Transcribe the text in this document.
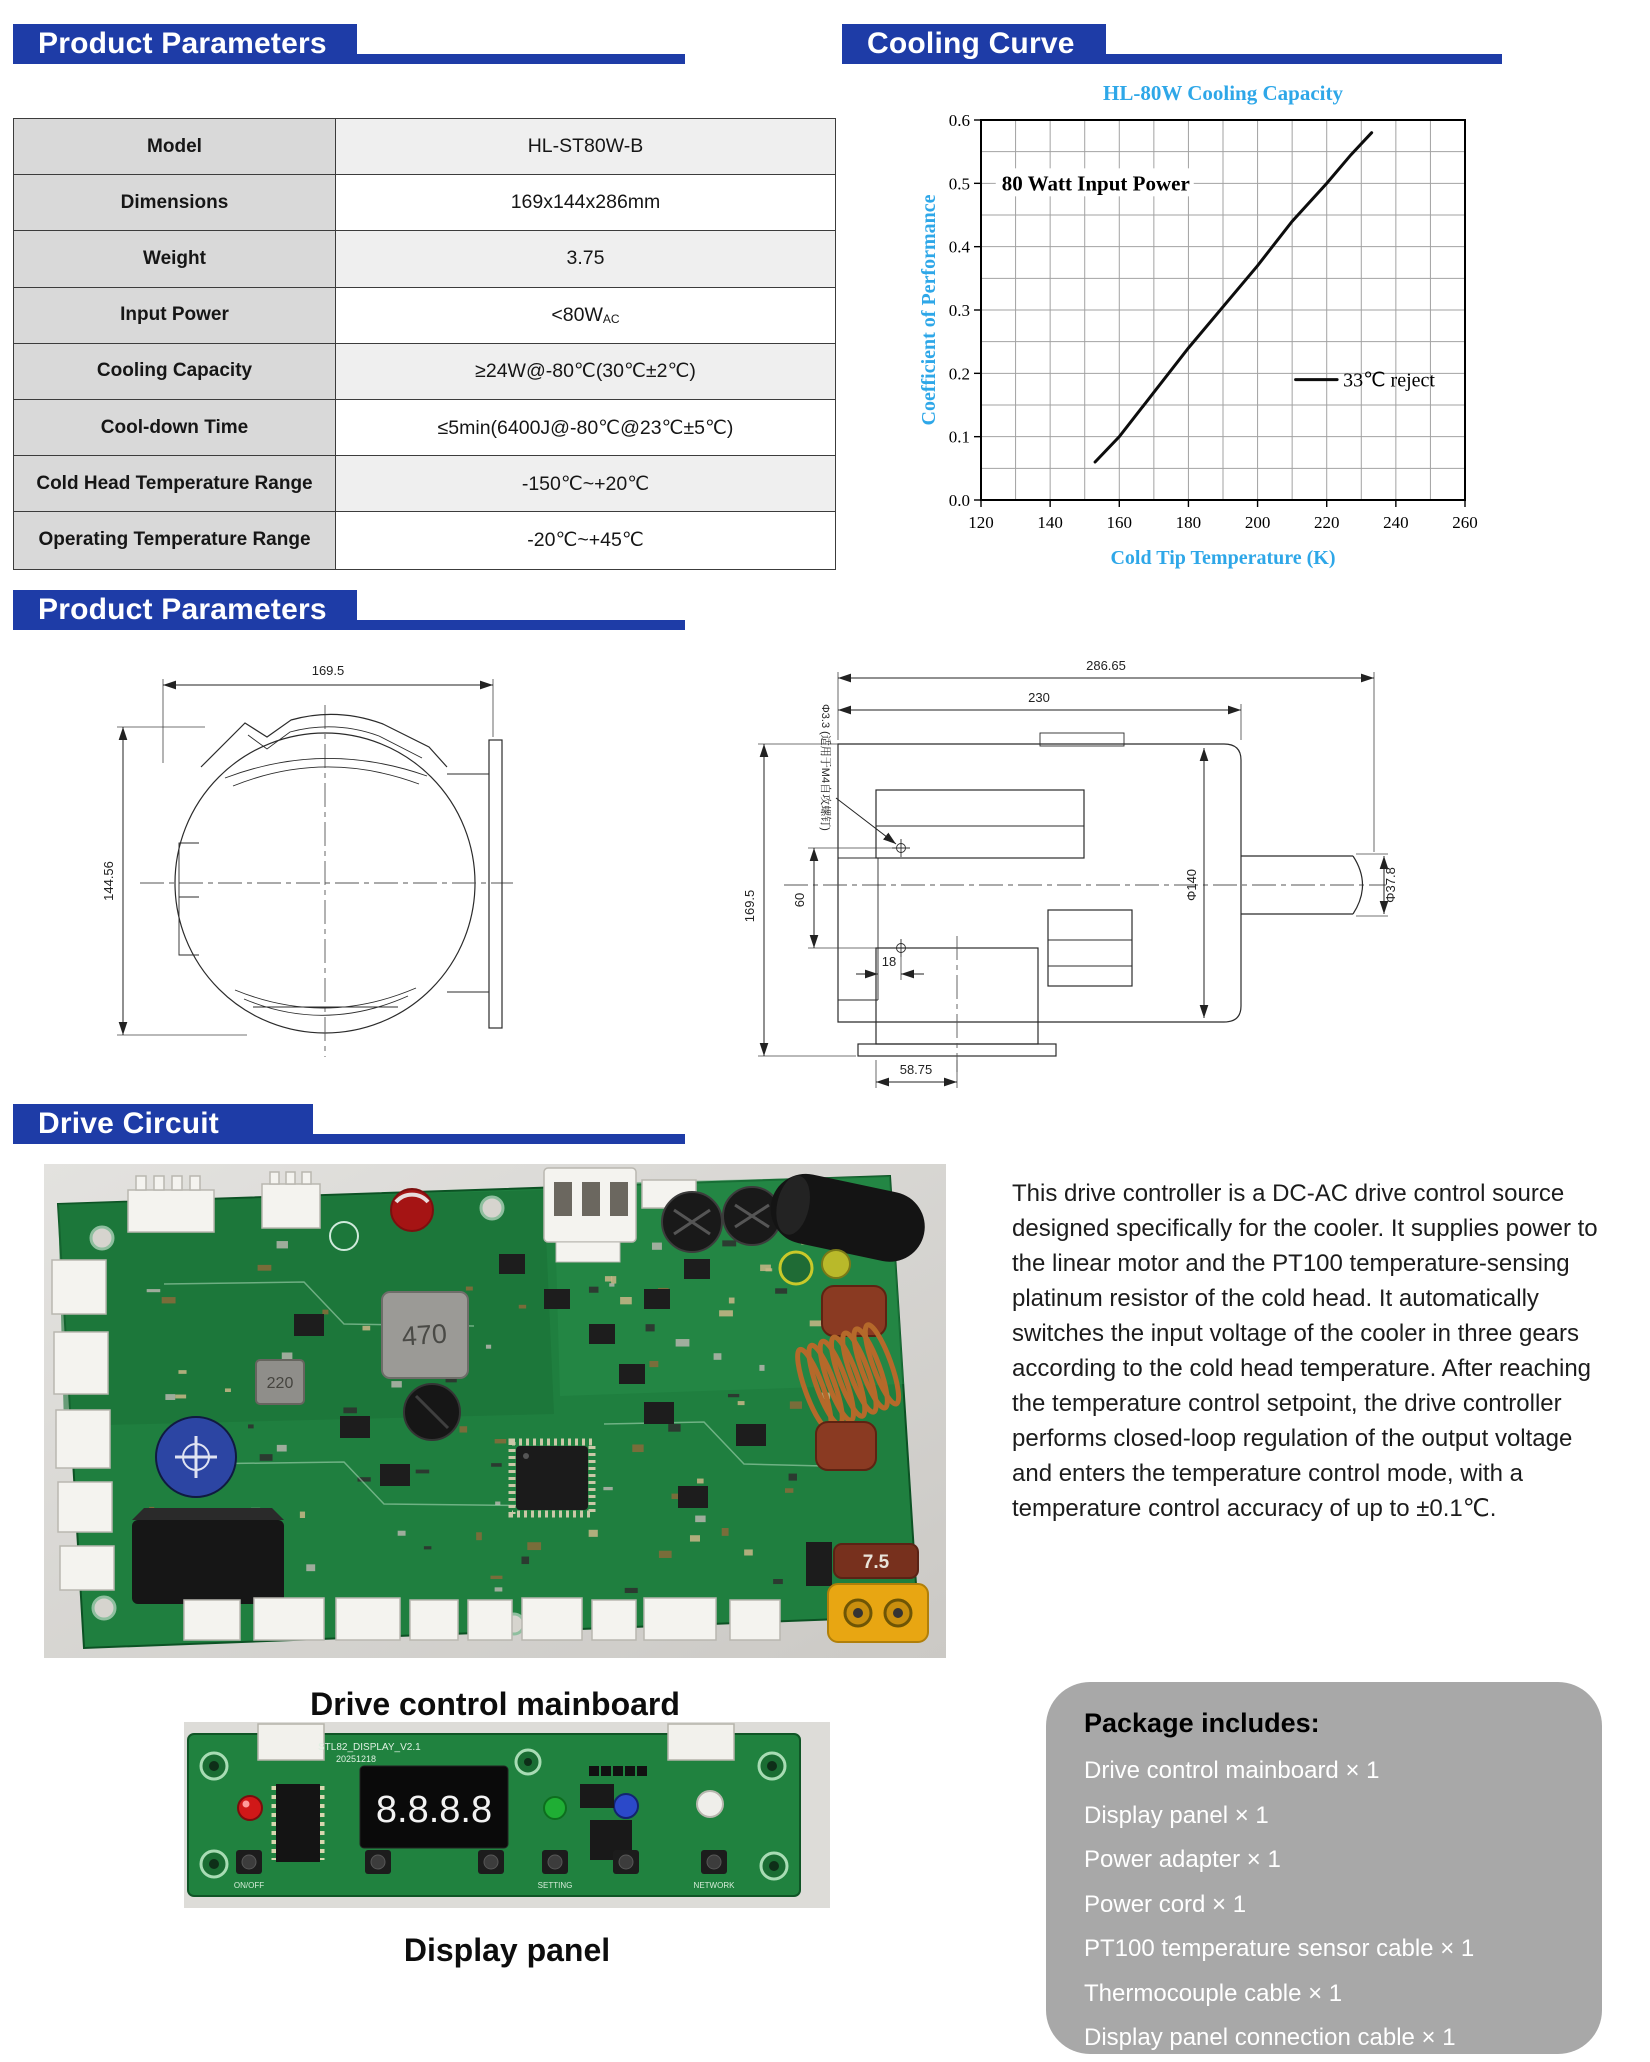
Product Parameters	Cooling Curve
Product Parameters
Drive Circuit
Model	HL-ST80W-B
Dimensions	169x144x286mm
Weight	3.75
Input Power	<80W AC
Cooling Capacity	≥24W@-80℃(30℃±2℃)
Cool-down Time	≤5min(6400J@-80℃@23℃±5℃)
Cold Head Temperature Range	-150℃~+20℃
Operating Temperature Range	-20℃~+45℃
120	140	160	180	200	220	240	260
0.0
0.1
0.2
0.3
0.4
0.5
0.6
HL-80W Cooling Capacity
Cold Tip Temperature (K)
Coefficient of Performance
80 Watt Input Power
33℃ reject
169.5
144.56
286.65
230
Φ140	Φ37.8
169.5
Φ3.3 (适用于M4自攻螺钉)
60
18
58.75
470
220
7.5
Drive control mainboard
STL82_DISPLAY_V2.1
20251218
8.8.8.8
ON/OFF	SETTING	NETWORK
Display panel
This drive controller is a DC-AC drive control source designed specifically for the cooler. It supplies power to the linear motor and the PT100 temperature-sensing platinum resistor of the cold head. It automatically switches the input voltage of the cooler in three gears according to the cold head temperature. After reaching the temperature control setpoint, the drive controller performs closed-loop regulation of the output voltage and enters the temperature control mode, with a temperature control accuracy of up to ±0.1℃.
Package includes:
Drive control mainboard × 1
Display panel × 1
Power adapter × 1
Power cord × 1
PT100 temperature sensor cable × 1
Thermocouple cable × 1
Display panel connection cable × 1
